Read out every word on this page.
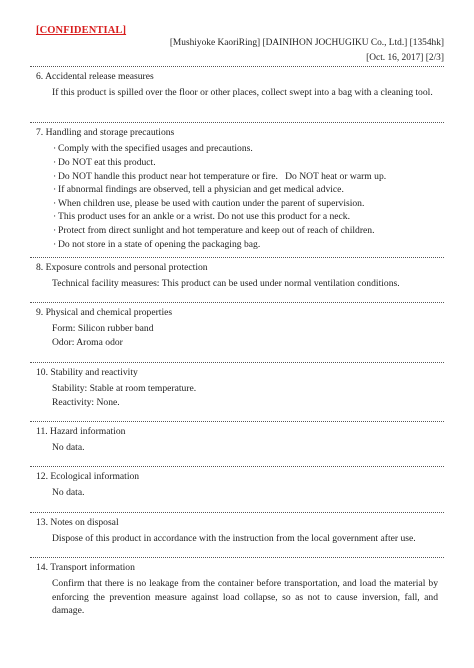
[CONFIDENTIAL]
[Mushiyoke KaoriRing] [DAINIHON JOCHUGIKU Co., Ltd.] [1354hk]
[Oct. 16, 2017] [2/3]
6. Accidental release measures
If this product is spilled over the floor or other places, collect swept into a bag with a cleaning tool.
7. Handling and storage precautions
· Comply with the specified usages and precautions.
· Do NOT eat this product.
· Do NOT handle this product near hot temperature or fire.   Do NOT heat or warm up.
· If abnormal findings are observed, tell a physician and get medical advice.
· When children use, please be used with caution under the parent of supervision.
· This product uses for an ankle or a wrist. Do not use this product for a neck.
· Protect from direct sunlight and hot temperature and keep out of reach of children.
· Do not store in a state of opening the packaging bag.
8. Exposure controls and personal protection
Technical facility measures: This product can be used under normal ventilation conditions.
9. Physical and chemical properties
Form: Silicon rubber band
Odor: Aroma odor
10. Stability and reactivity
Stability: Stable at room temperature.
Reactivity: None.
11. Hazard information
No data.
12. Ecological information
No data.
13. Notes on disposal
Dispose of this product in accordance with the instruction from the local government after use.
14. Transport information
Confirm that there is no leakage from the container before transportation, and load the material by enforcing the prevention measure against load collapse, so as not to cause inversion, fall, and damage.
